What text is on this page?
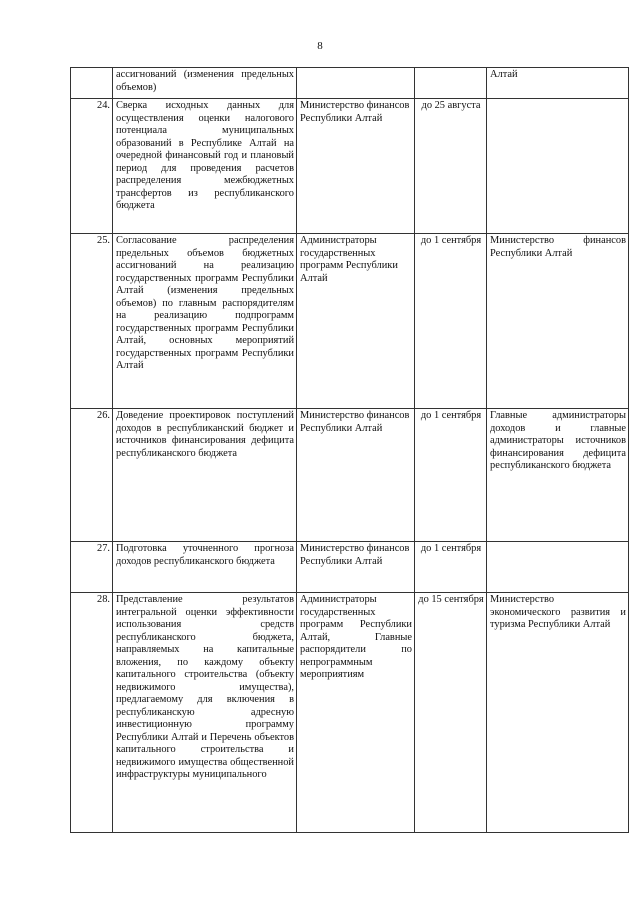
8
	ассигнований (изменения предельных объемов)			Алтай
24.	Сверка исходных данных для осуществления оценки налогового потенциала муниципальных образований в Республике Алтай на очередной финансовый год и плановый период для проведения расчетов распределения межбюджетных трансфертов из республиканского бюджета	Министерство финансов Республики Алтай	до 25 августа	
25.	Согласование распределения предельных объемов бюджетных ассигнований на реализацию государственных программ Республики Алтай (изменения предельных объемов) по главным распорядителям на реализацию подпрограмм государственных программ Республики Алтай, основных мероприятий государственных программ Республики Алтай	Администраторы государственных программ Республики Алтай	до 1 сентября	Министерство финансов Республики Алтай
26.	Доведение проектировок поступлений доходов в республиканский бюджет и источников финансирования дефицита республиканского бюджета	Министерство финансов Республики Алтай	до 1 сентября	Главные администраторы доходов и главные администраторы источников финансирования дефицита республиканского бюджета
27.	Подготовка уточненного прогноза доходов республиканского бюджета	Министерство финансов Республики Алтай	до 1 сентября	
28.	Представление результатов интегральной оценки эффективности использования средств республиканского бюджета, направляемых на капитальные вложения, по каждому объекту капитального строительства (объекту недвижимого имущества), предлагаемому для включения в республиканскую адресную инвестиционную программу Республики Алтай и Перечень объектов капитального строительства и недвижимого имущества общественной инфраструктуры муниципального	Администраторы государственных программ Республики Алтай, Главные распорядители по непрограммным мероприятиям	до 15 сентября	Министерство экономического развития и туризма Республики Алтай
